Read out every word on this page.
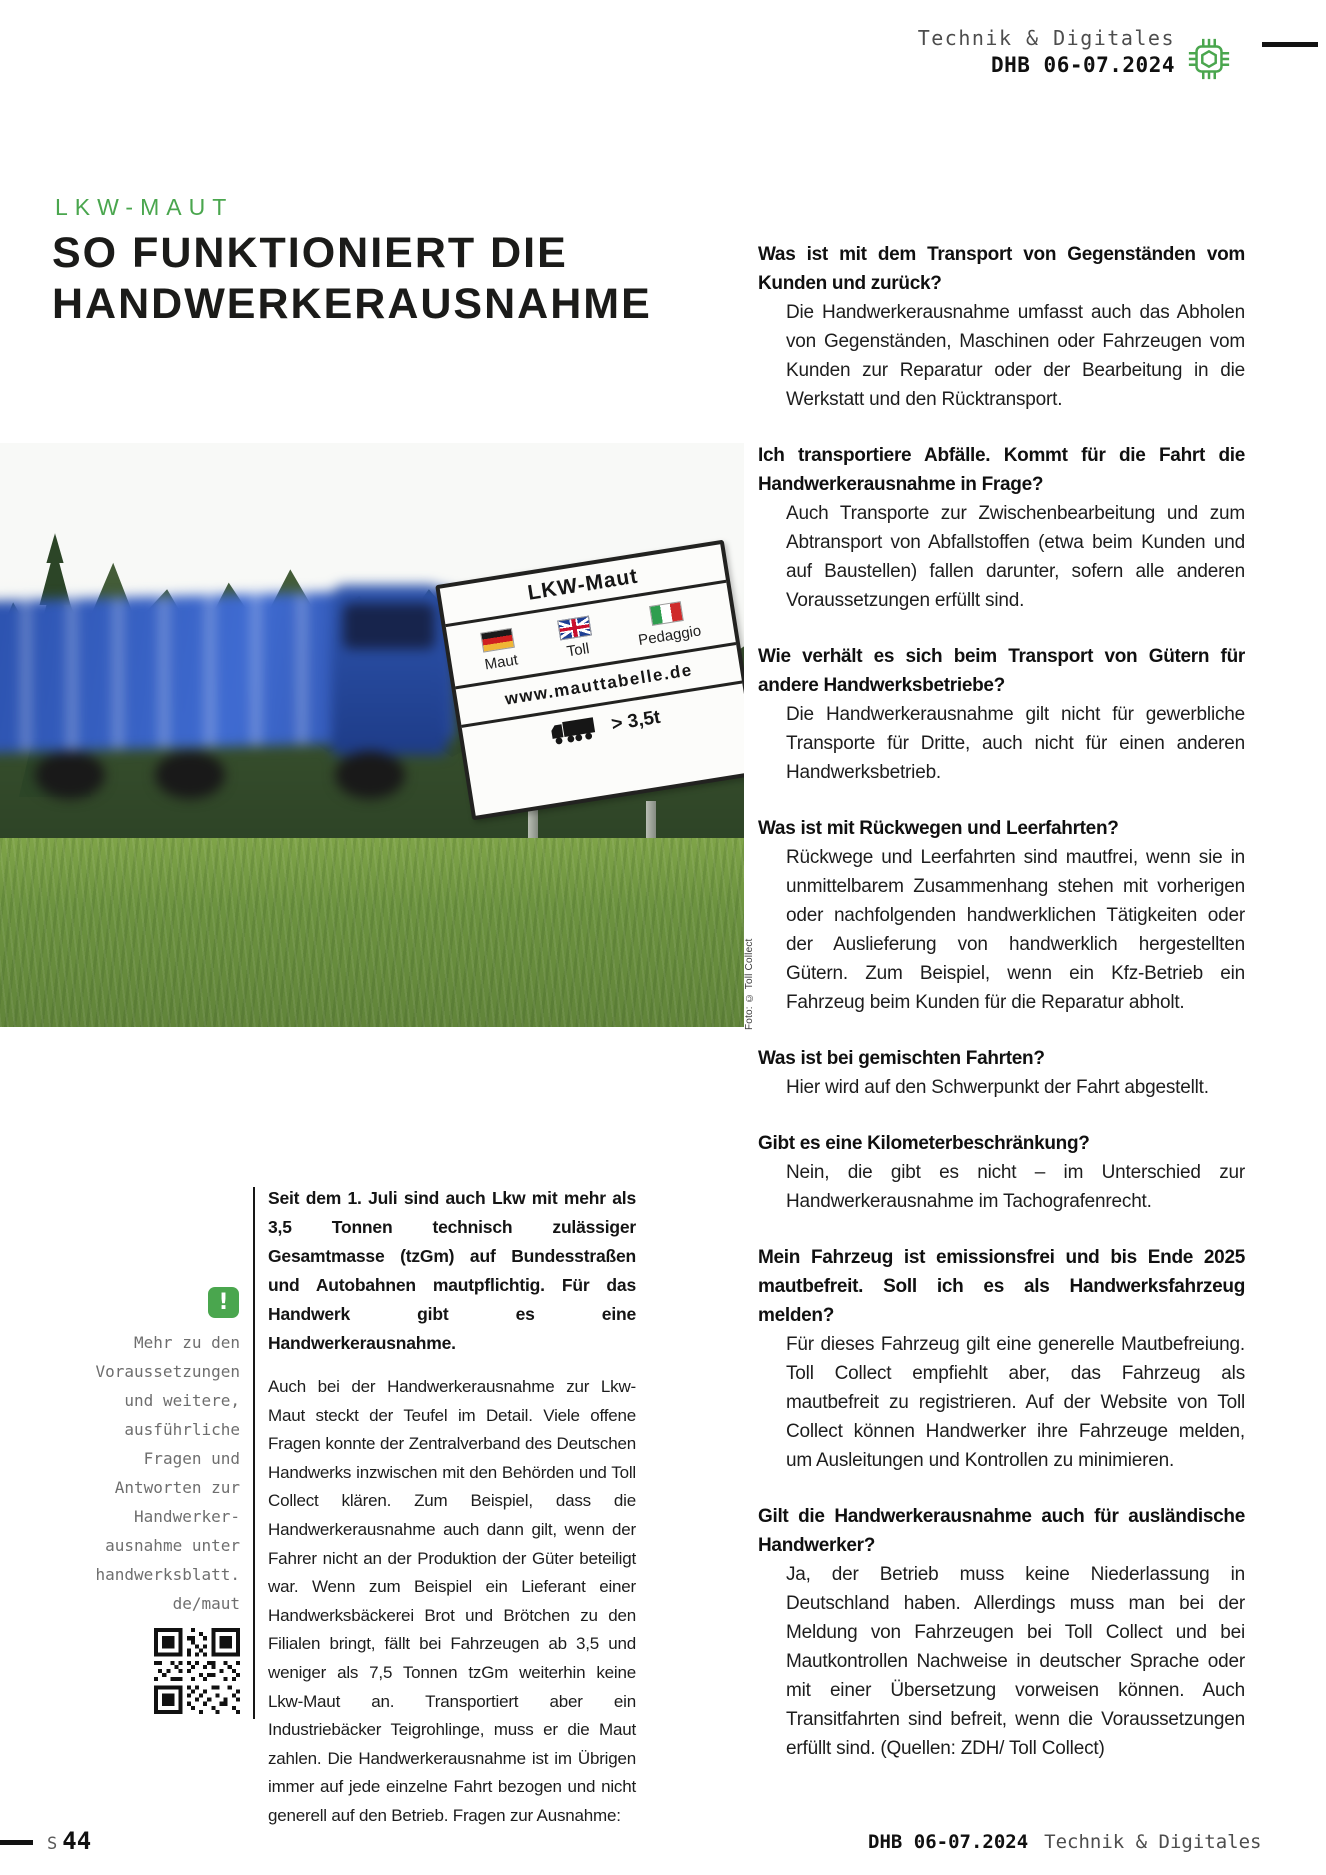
Technik & Digitales
DHB 06-07.2024
LKW-MAUT
SO FUNKTIONIERT DIE
HANDWERKERAUSNAHME
LKW-Maut
Maut
Toll
Pedaggio
www.mauttabelle.de
> 3,5t
Foto: © Toll Collect
!
Mehr zu den
Voraussetzungen
und weitere,
ausführliche
Fragen und
Antworten zur
Handwerker-
ausnahme unter
handwerksblatt.
de/maut
Seit dem 1. Juli sind auch Lkw mit mehr als 3,5 Tonnen technisch zulässiger Gesamtmasse (tzGm) auf Bundesstraßen und Autobahnen mautpflichtig. Für das Handwerk gibt es eine Handwerkerausnahme.
Auch bei der Handwerkerausnahme zur Lkw-Maut steckt der Teufel im Detail. Viele offene Fragen konnte der Zentralverband des Deutschen Handwerks inzwischen mit den Behörden und Toll Collect klären. Zum Beispiel, dass die Handwerkerausnahme auch dann gilt, wenn der Fahrer nicht an der Produktion der Güter beteiligt war. Wenn zum Beispiel ein Lieferant einer Handwerksbäckerei Brot und Brötchen zu den Filialen bringt, fällt bei Fahrzeugen ab 3,5 und weniger als 7,5 Tonnen tzGm weiterhin keine Lkw-Maut an. Transportiert aber ein Industriebäcker Teigrohlinge, muss er die Maut zahlen. Die Handwerkerausnahme ist im Übrigen immer auf jede einzelne Fahrt bezogen und nicht generell auf den Betrieb. Fragen zur Ausnahme:
Was ist mit dem Transport von Gegenständen vom Kunden und zurück?
Die Handwerkerausnahme umfasst auch das Abholen von Gegenständen, Maschinen oder Fahrzeugen vom Kunden zur Reparatur oder der Bearbeitung in die Werkstatt und den Rücktransport.
Ich transportiere Abfälle. Kommt für die Fahrt die Handwerkerausnahme in Frage?
Auch Transporte zur Zwischenbearbeitung und zum Abtransport von Abfallstoffen (etwa beim Kunden und auf Baustellen) fallen darunter, sofern alle anderen Voraussetzungen erfüllt sind.
Wie verhält es sich beim Transport von Gütern für andere Handwerksbetriebe?
Die Handwerkerausnahme gilt nicht für gewerbliche Transporte für Dritte, auch nicht für einen anderen Handwerksbetrieb.
Was ist mit Rückwegen und Leerfahrten?
Rückwege und Leerfahrten sind mautfrei, wenn sie in unmittelbarem Zusammenhang stehen mit vorherigen oder nachfolgenden handwerklichen Tätigkeiten oder der Auslieferung von handwerklich hergestellten Gütern. Zum Beispiel, wenn ein Kfz-Betrieb ein Fahrzeug beim Kunden für die Reparatur abholt.
Was ist bei gemischten Fahrten?
Hier wird auf den Schwerpunkt der Fahrt abgestellt.
Gibt es eine Kilometerbeschränkung?
Nein, die gibt es nicht – im Unterschied zur Handwerkerausnahme im Tachografenrecht.
Mein Fahrzeug ist emissionsfrei und bis Ende 2025 mautbefreit. Soll ich es als Handwerksfahrzeug melden?
Für dieses Fahrzeug gilt eine generelle Mautbefreiung. Toll Collect empfiehlt aber, das Fahrzeug als mautbefreit zu registrieren. Auf der Website von Toll Collect können Handwerker ihre Fahrzeuge melden, um Ausleitungen und Kontrollen zu minimieren.
Gilt die Handwerkerausnahme auch für ausländische Handwerker?
Ja, der Betrieb muss keine Niederlassung in Deutschland haben. Allerdings muss man bei der Meldung von Fahrzeugen bei Toll Collect und bei Mautkontrollen Nachweise in deutscher Sprache oder mit einer Übersetzung vorweisen können. Auch Transitfahrten sind befreit, wenn die Voraussetzungen erfüllt sind. (Quellen: ZDH/ Toll Collect)
S 44	DHB 06-07.2024 Technik & Digitales
